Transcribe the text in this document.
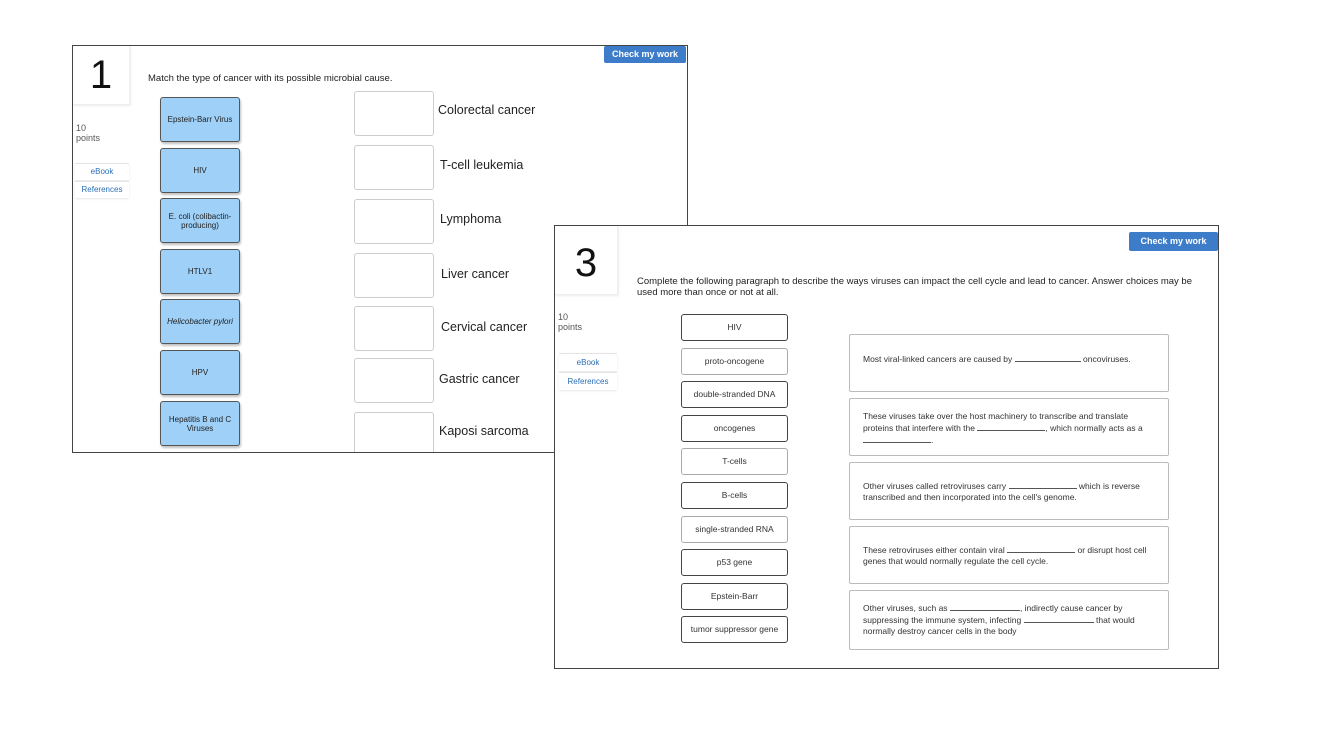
1
10
points
eBook
References
Check my work
Match the type of cancer with its possible microbial cause.
Epstein-Barr Virus
HIV
E. coli (colibactin-producing)
HTLV1
Helicobacter pylori
HPV
Hepatitis B and C Viruses
Colorectal cancer
T-cell leukemia
Lymphoma
Liver cancer
Cervical cancer
Gastric cancer
Kaposi sarcoma
3
10
points
eBook
References
Check my work
Complete the following paragraph to describe the ways viruses can impact the cell cycle and lead to cancer. Answer choices may be used more than once or not at all.
HIV
proto-oncogene
double-stranded DNA
oncogenes
T-cells
B-cells
single-stranded RNA
p53 gene
Epstein-Barr
tumor suppressor gene
Most viral-linked cancers are caused by	oncoviruses.
These viruses take over the host machinery to transcribe and translate proteins that interfere with the	, which normally acts as a .
Other viruses called retroviruses carry	which is reverse transcribed and then incorporated into the cell's genome.
These retroviruses either contain viral	or disrupt host cell genes that would normally regulate the cell cycle.
Other viruses, such as	, indirectly cause cancer by suppressing the immune system, infecting	that would normally destroy cancer cells in the body
